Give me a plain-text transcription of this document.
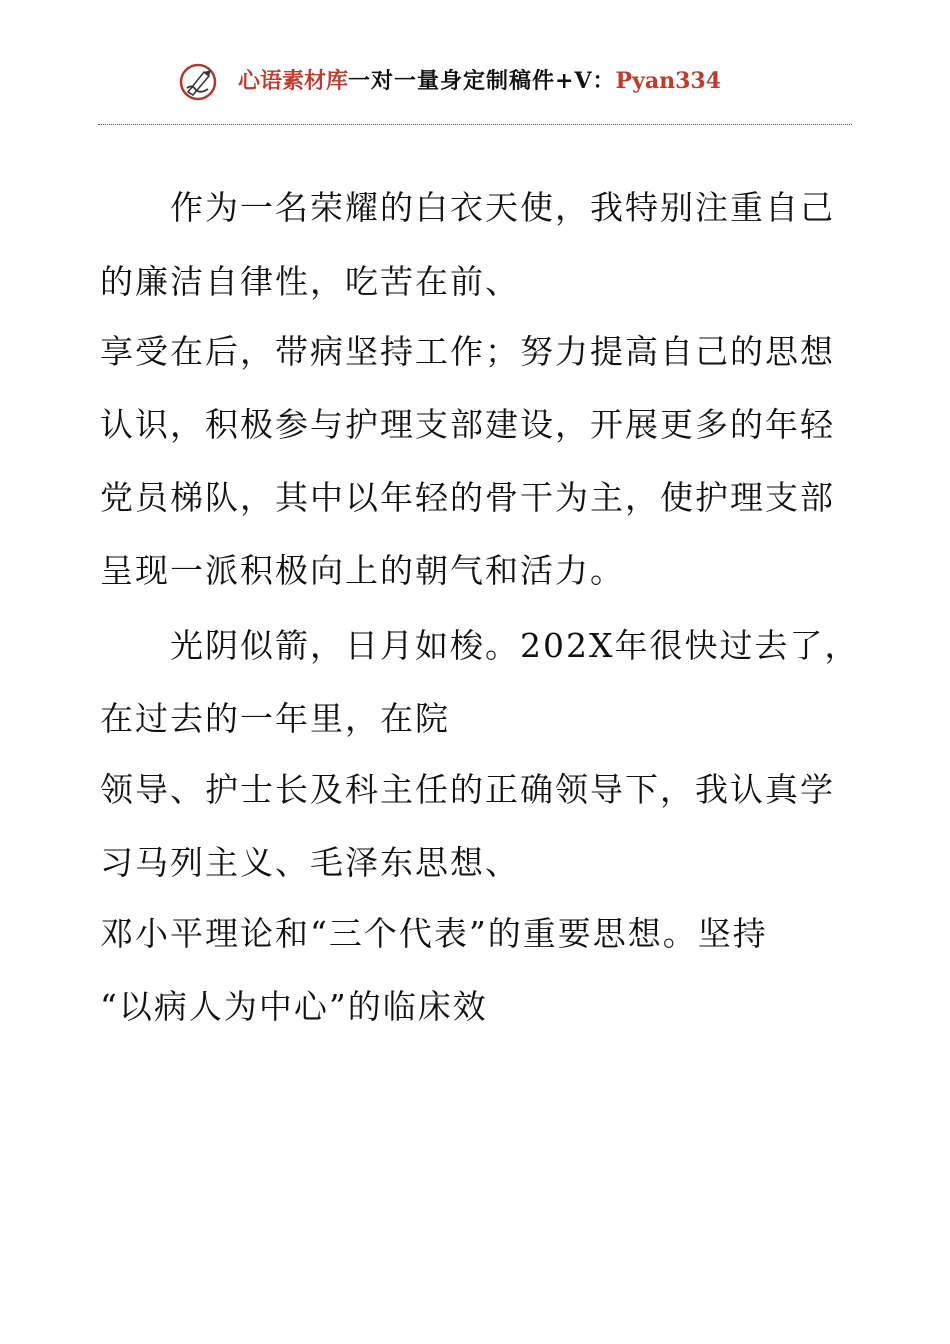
心语素材库一对一量身定制稿件+V：Pyan334
作为一名荣耀的白衣天使，我特别注重自己
的廉洁自律性，吃苦在前、
享受在后，带病坚持工作；努力提高自己的思想
认识，积极参与护理支部建设，开展更多的年轻
党员梯队，其中以年轻的骨干为主，使护理支部
呈现一派积极向上的朝气和活力。
光阴似箭，日月如梭。202X年很快过去了，
在过去的一年里，在院
领导、护士长及科主任的正确领导下，我认真学
习马列主义、毛泽东思想、
邓小平理论和“三个代表”的重要思想。坚持
“以病人为中心”的临床效
